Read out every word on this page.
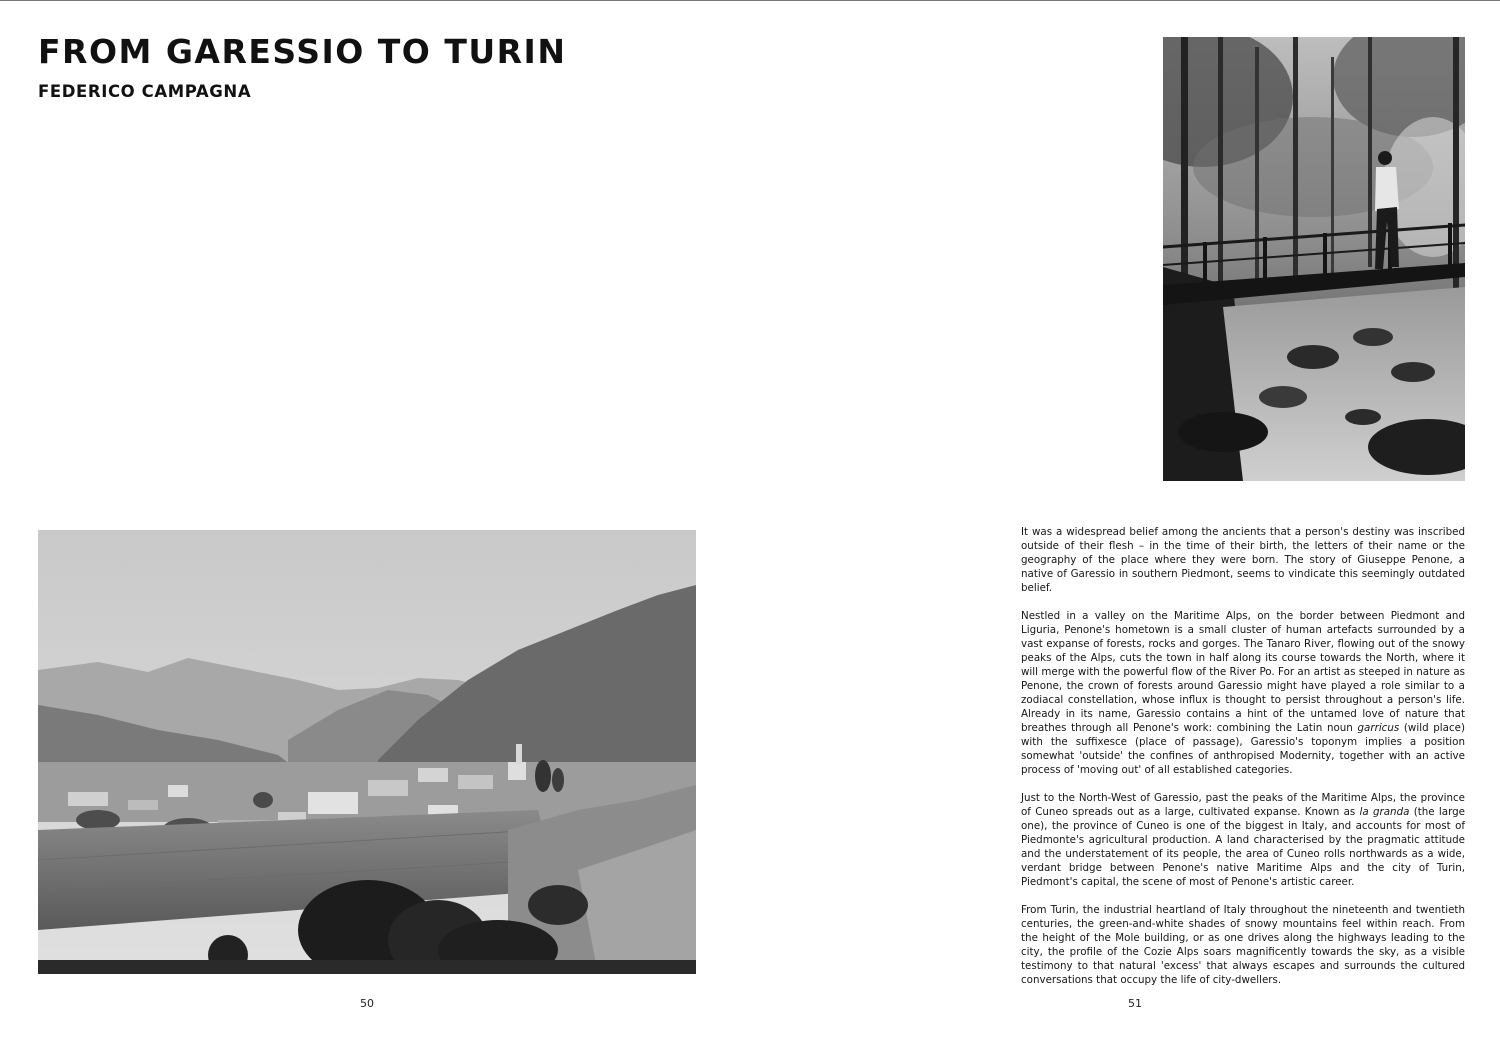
FROM GARESSIO TO TURIN
FEDERICO CAMPAGNA

It was a widespread belief among the ancients that a person's destiny was inscribed outside of their flesh – in the time of their birth, the letters of their name or the geography of the place where they were born. The story of Giuseppe Penone, a native of Garessio in southern Piedmont, seems to vindicate this seemingly outdated belief.

Nestled in a valley on the Maritime Alps, on the border between Piedmont and Liguria, Penone's hometown is a small cluster of human artefacts surrounded by a vast expanse of forests, rocks and gorges. The Tanaro River, flowing out of the snowy peaks of the Alps, cuts the town in half along its course towards the North, where it will merge with the powerful flow of the River Po. For an artist as steeped in nature as Penone, the crown of forests around Garessio might have played a role similar to a zodiacal constellation, whose influx is thought to persist throughout a person's life. Already in its name, Garessio contains a hint of the untamed love of nature that breathes through all Penone's work: combining the Latin noun garricus (wild place) with the suffixesce (place of passage), Garessio's toponym implies a position somewhat 'outside' the confines of anthropised Modernity, together with an active process of 'moving out' of all established categories.

Just to the North-West of Garessio, past the peaks of the Maritime Alps, the province of Cuneo spreads out as a large, cultivated expanse. Known as la granda (the large one), the province of Cuneo is one of the biggest in Italy, and accounts for most of Piedmonte's agricultural production. A land characterised by the pragmatic attitude and the understatement of its people, the area of Cuneo rolls northwards as a wide, verdant bridge between Penone's native Maritime Alps and the city of Turin, Piedmont's capital, the scene of most of Penone's artistic career.

From Turin, the industrial heartland of Italy throughout the nineteenth and twentieth centuries, the green-and-white shades of snowy mountains feel within reach. From the height of the Mole building, or as one drives along the highways leading to the city, the profile of the Cozie Alps soars magnificently towards the sky, as a visible testimony to that natural 'excess' that always escapes and surrounds the cultured conversations that occupy the life of city-dwellers.

50	51
